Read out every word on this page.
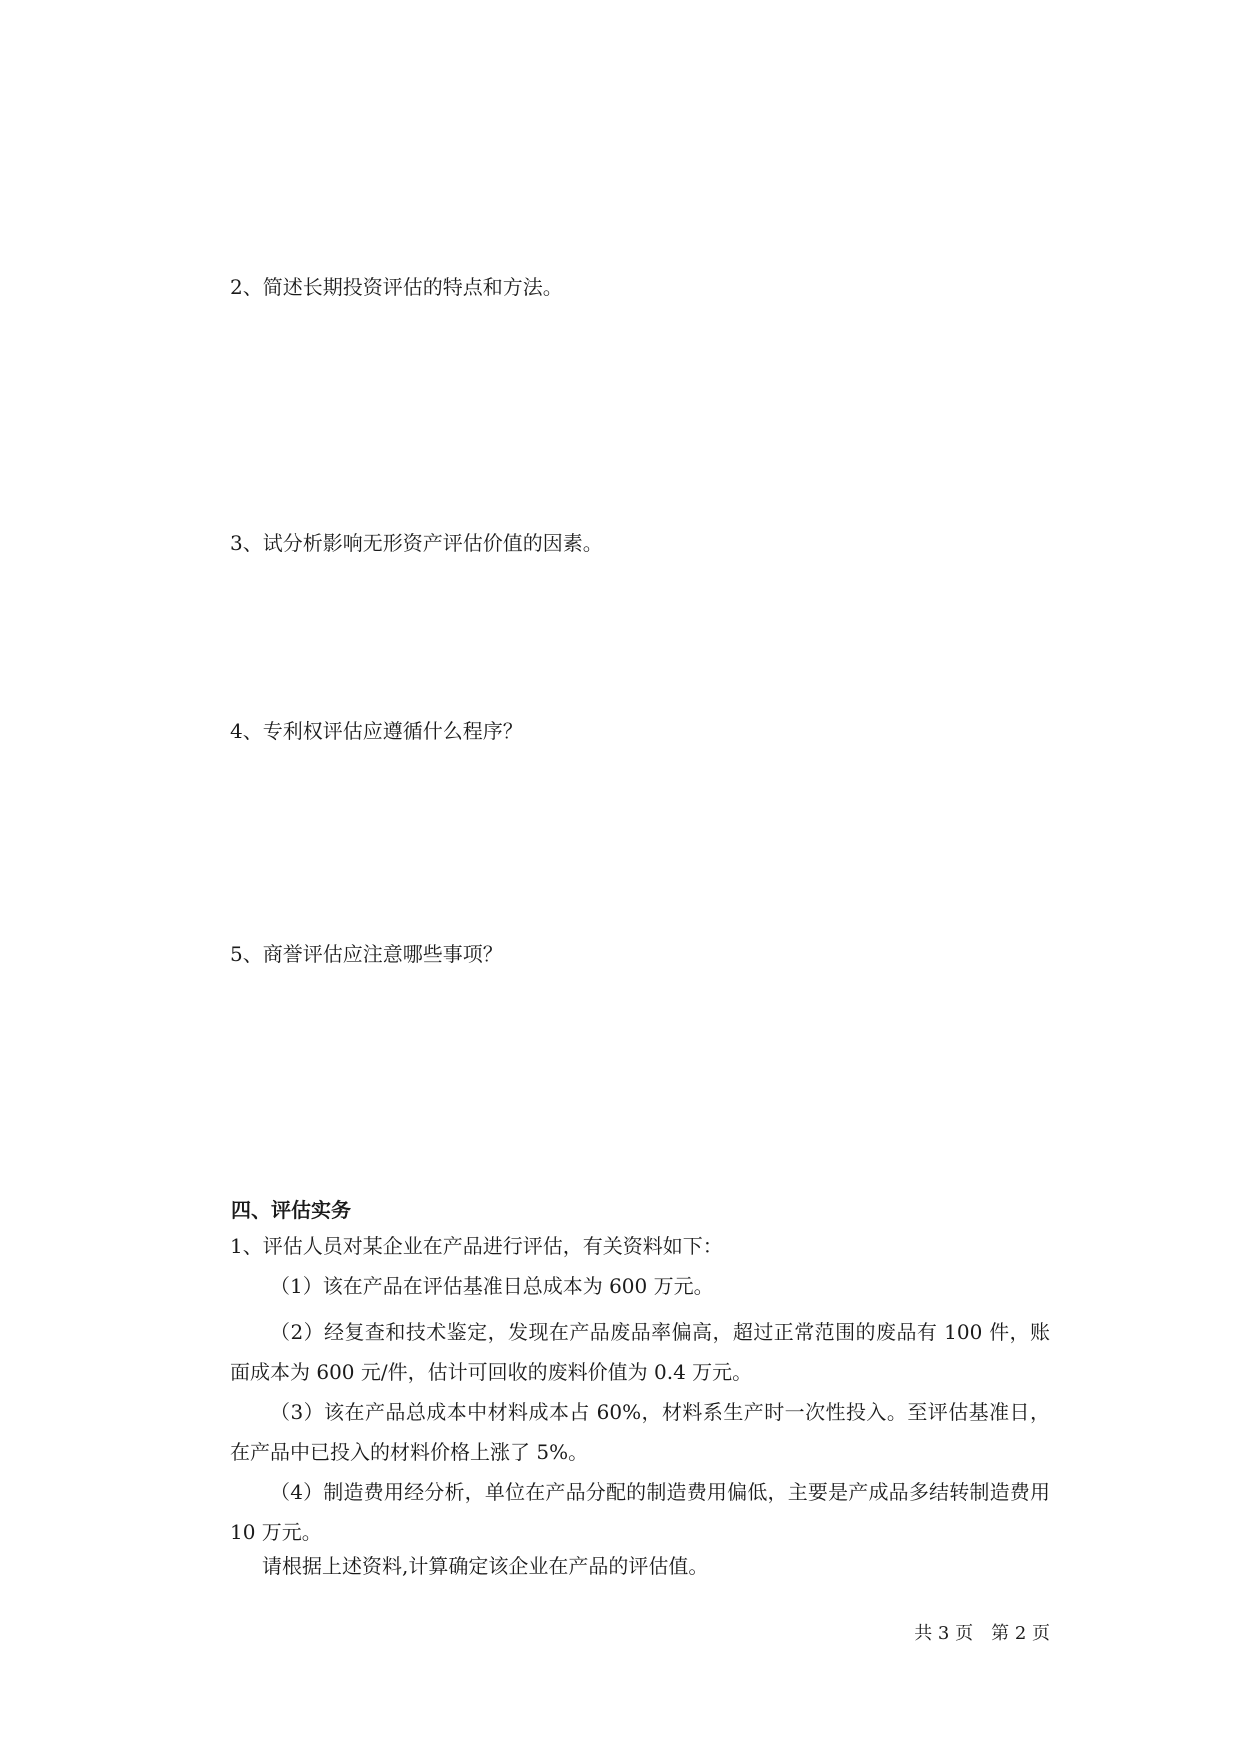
2、简述长期投资评估的特点和方法。
3、试分析影响无形资产评估价值的因素。
4、专利权评估应遵循什么程序？
5、商誉评估应注意哪些事项？
四、评估实务
1、评估人员对某企业在产品进行评估，有关资料如下：
（1）该在产品在评估基准日总成本为 600 万元。
（2）经复查和技术鉴定，发现在产品废品率偏高，超过正常范围的废品有 100 件，账面成本为 600 元/件，估计可回收的废料价值为 0.4 万元。
（3）该在产品总成本中材料成本占 60%，材料系生产时一次性投入。至评估基准日，在产品中已投入的材料价格上涨了 5%。
（4）制造费用经分析，单位在产品分配的制造费用偏低，主要是产成品多结转制造费用 10 万元。
请根据上述资料,计算确定该企业在产品的评估值。
共 3 页　第 2 页
